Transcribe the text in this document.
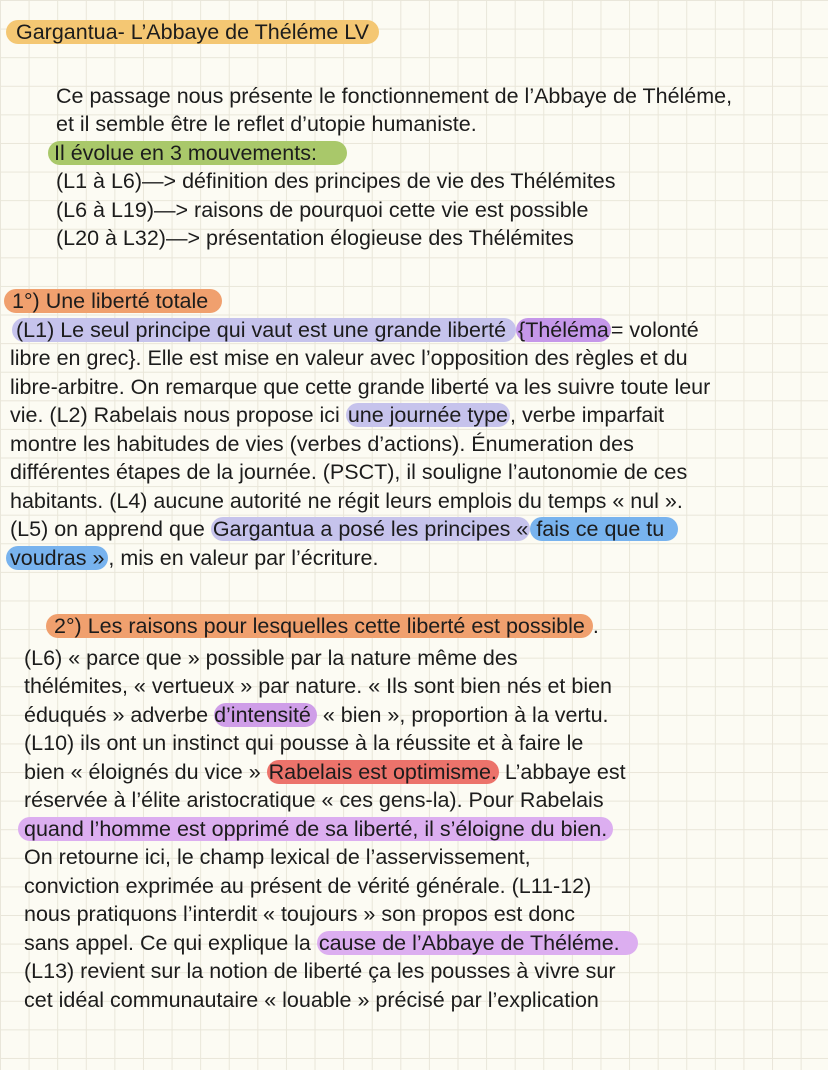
Gargantua- L’Abbaye de Théléme LV
Ce passage nous présente le fonctionnement de l’Abbaye de Théléme,
et il semble être le reflet d’utopie humaniste.
Il évolue en 3 mouvements:
(L1 à L6)—> définition des principes de vie des Thélémites
(L6 à L19)—> raisons de pourquoi cette vie est possible
(L20 à L32)—> présentation élogieuse des Thélémites
1°) Une liberté totale
(L1) Le seul principe qui vaut est une grande liberté {Théléma= volonté
libre en grec}. Elle est mise en valeur avec l’opposition des règles et du
libre-arbitre. On remarque que cette grande liberté va les suivre toute leur
vie. (L2) Rabelais nous propose ici une journée type, verbe imparfait
montre les habitudes de vies (verbes d’actions). Énumeration des
différentes étapes de la journée. (PSCT), il souligne l’autonomie de ces
habitants. (L4) aucune autorité ne régit leurs emplois du temps « nul ».
(L5) on apprend que Gargantua a posé les principes « fais ce que tu
voudras » , mis en valeur par l’écriture.
2°) Les raisons pour lesquelles cette liberté est possible .
(L6) « parce que » possible par la nature même des
thélémites, « vertueux » par nature. « Ils sont bien nés et bien
éduqués » adverbe d’intensité « bien », proportion à la vertu.
(L10) ils ont un instinct qui pousse à la réussite et à faire le
bien « éloignés du vice » Rabelais est optimisme. L’abbaye est
réservée à l’élite aristocratique « ces gens-la). Pour Rabelais
quand l’homme est opprimé de sa liberté, il s’éloigne du bien.
On retourne ici, le champ lexical de l’asservissement,
conviction exprimée au présent de vérité générale. (L11-12)
nous pratiquons l’interdit « toujours » son propos est donc
sans appel. Ce qui explique la cause de l’Abbaye de Théléme.
(L13) revient sur la notion de liberté ça les pousses à vivre sur
cet idéal communautaire « louable » précisé par l’explication
